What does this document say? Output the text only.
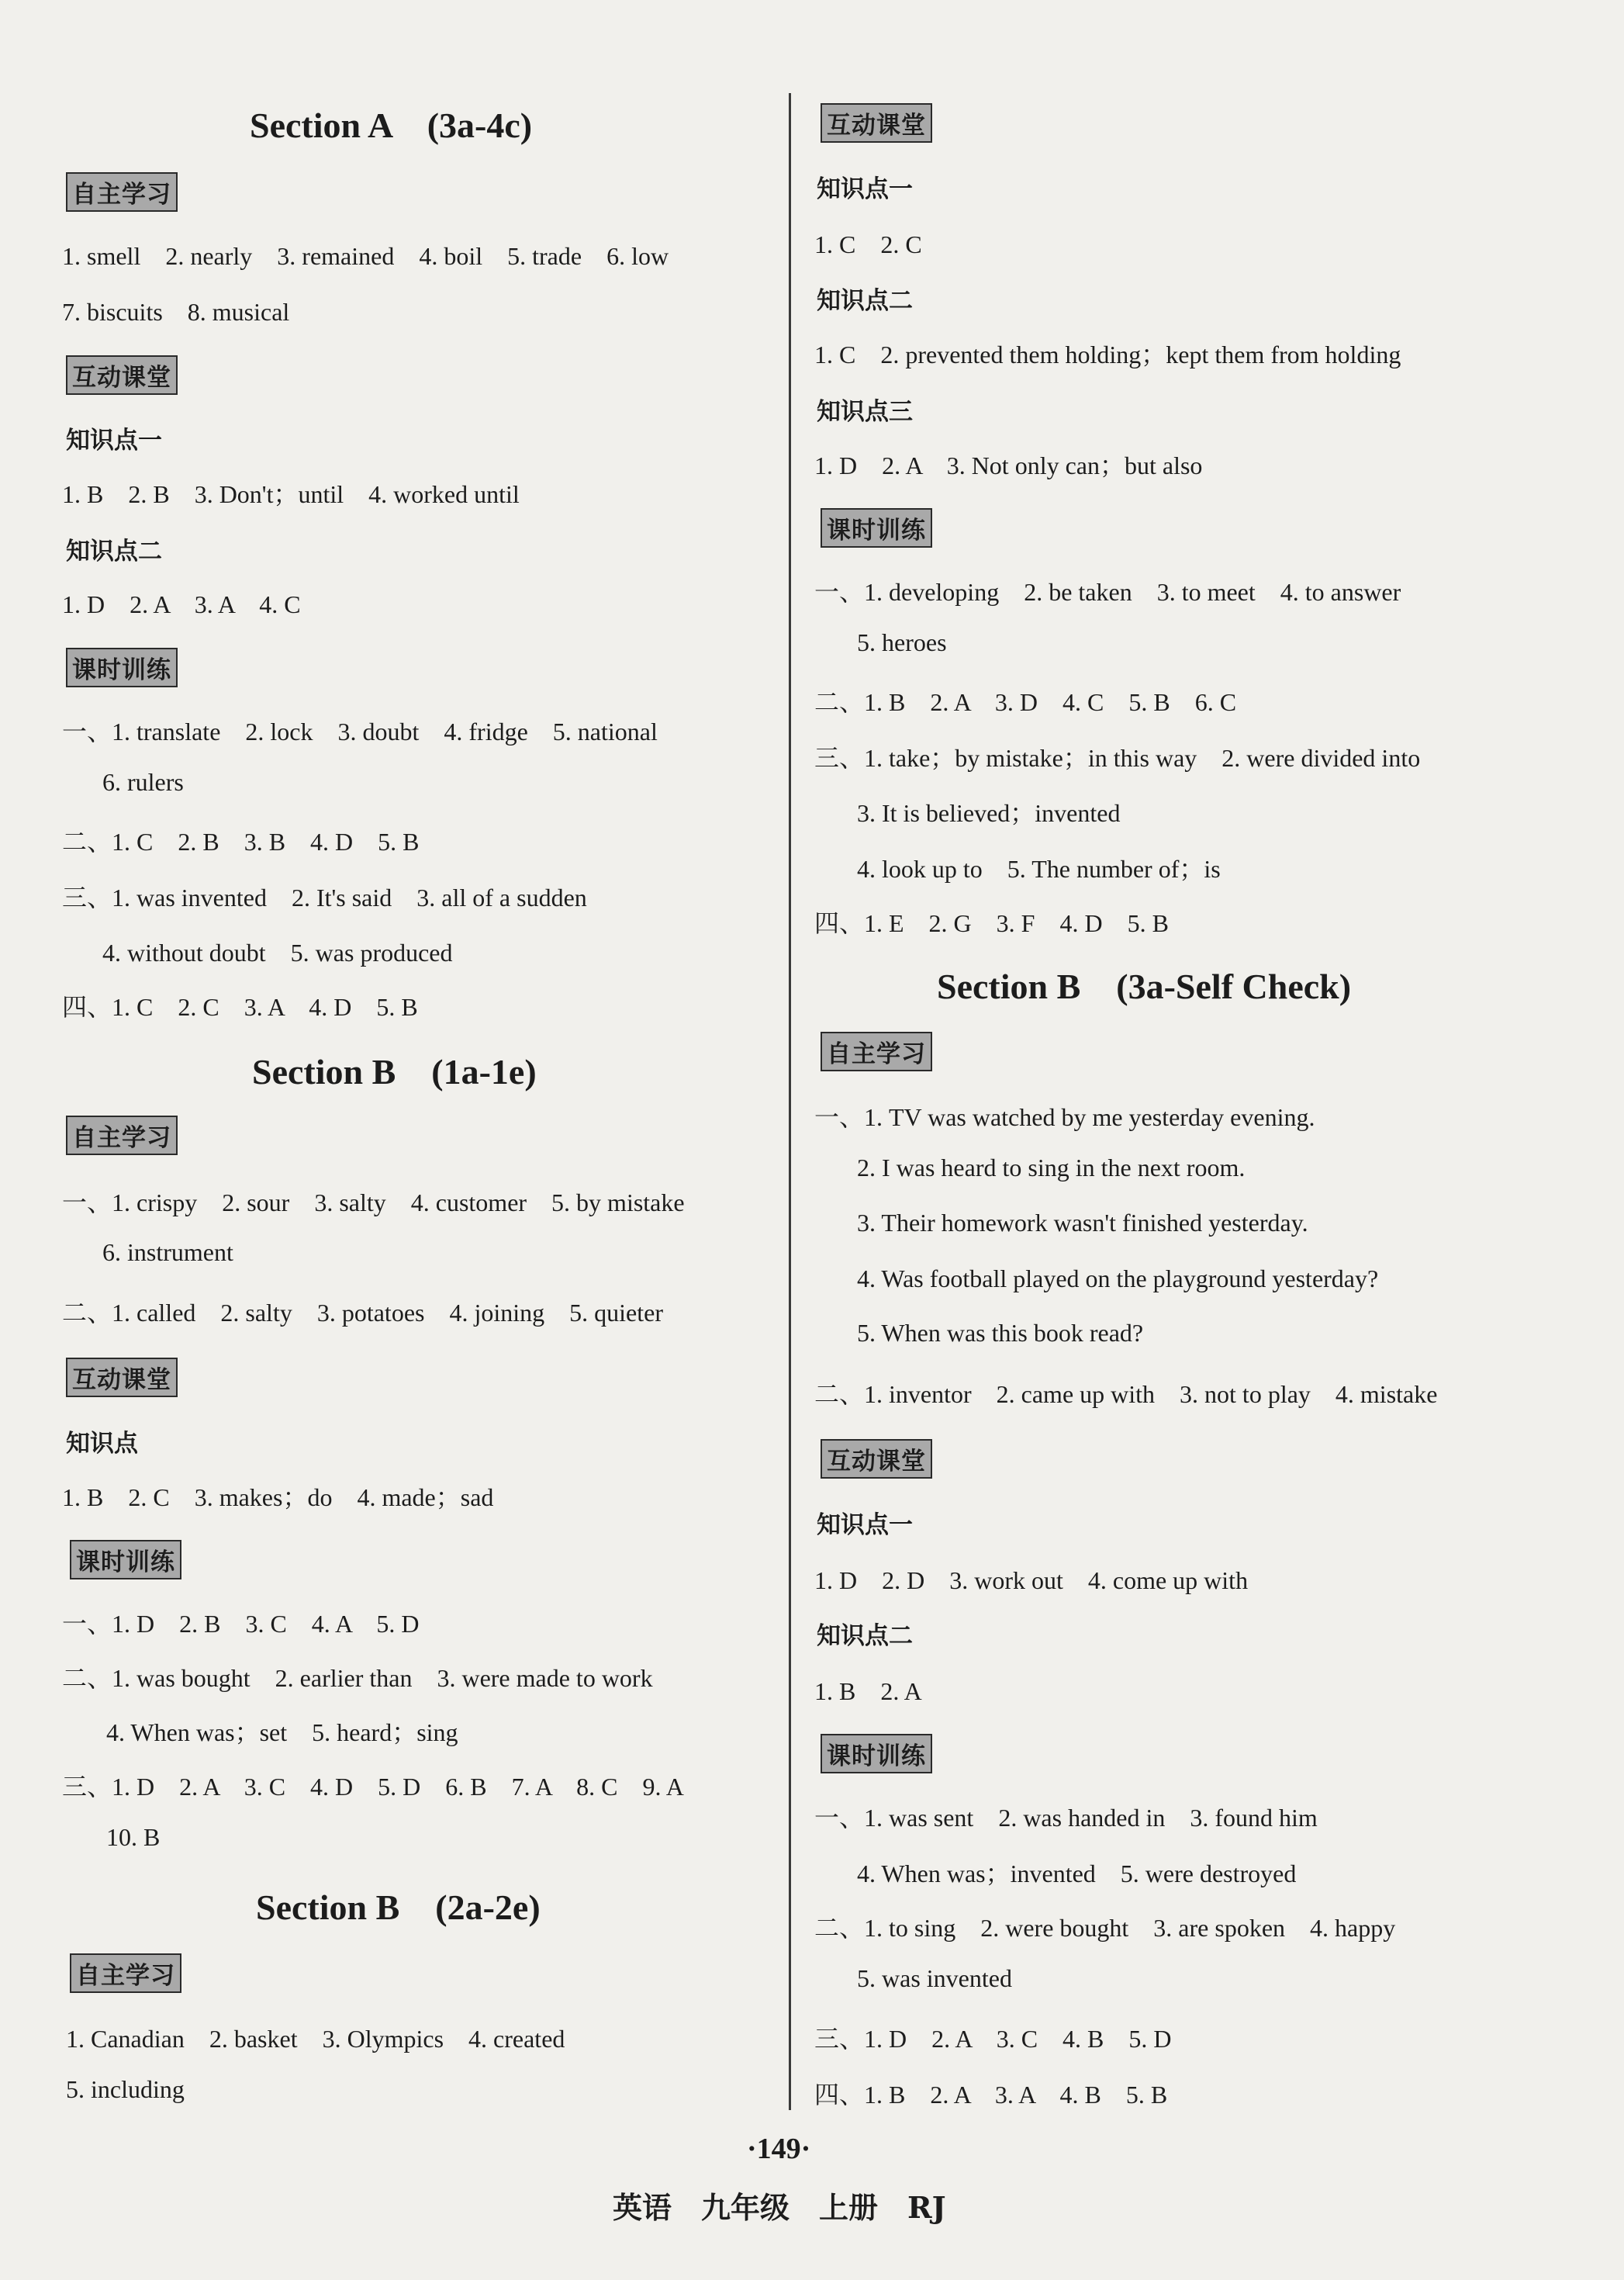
Section A　(3a-4c)
自主学习
1. smell　2. nearly　3. remained　4. boil　5. trade　6. low
7. biscuits　8. musical
互动课堂
知识点一
1. B　2. B　3. Don't；until　4. worked until
知识点二
1. D　2. A　3. A　4. C
课时训练
一、1. translate　2. lock　3. doubt　4. fridge　5. national
6. rulers
二、1. C　2. B　3. B　4. D　5. B
三、1. was invented　2. It's said　3. all of a sudden
4. without doubt　5. was produced
四、1. C　2. C　3. A　4. D　5. B
Section B　(1a-1e)
自主学习
一、1. crispy　2. sour　3. salty　4. customer　5. by mistake
6. instrument
二、1. called　2. salty　3. potatoes　4. joining　5. quieter
互动课堂
知识点
1. B　2. C　3. makes；do　4. made；sad
课时训练
一、1. D　2. B　3. C　4. A　5. D
二、1. was bought　2. earlier than　3. were made to work
4. When was；set　5. heard；sing
三、1. D　2. A　3. C　4. D　5. D　6. B　7. A　8. C　9. A
10. B
Section B　(2a-2e)
自主学习
1. Canadian　2. basket　3. Olympics　4. created
5. including
互动课堂
知识点一
1. C　2. C
知识点二
1. C　2. prevented them holding；kept them from holding
知识点三
1. D　2. A　3. Not only can；but also
课时训练
一、1. developing　2. be taken　3. to meet　4. to answer
5. heroes
二、1. B　2. A　3. D　4. C　5. B　6. C
三、1. take；by mistake；in this way　2. were divided into
3. It is believed；invented
4. look up to　5. The number of；is
四、1. E　2. G　3. F　4. D　5. B
Section B　(3a-Self Check)
自主学习
一、1. TV was watched by me yesterday evening.
2. I was heard to sing in the next room.
3. Their homework wasn't finished yesterday.
4. Was football played on the playground yesterday?
5. When was this book read?
二、1. inventor　2. came up with　3. not to play　4. mistake
互动课堂
知识点一
1. D　2. D　3. work out　4. come up with
知识点二
1. B　2. A
课时训练
一、1. was sent　2. was handed in　3. found him
4. When was；invented　5. were destroyed
二、1. to sing　2. were bought　3. are spoken　4. happy
5. was invented
三、1. D　2. A　3. C　4. B　5. D
四、1. B　2. A　3. A　4. B　5. B
·149·
英语　九年级　上册　RJ
